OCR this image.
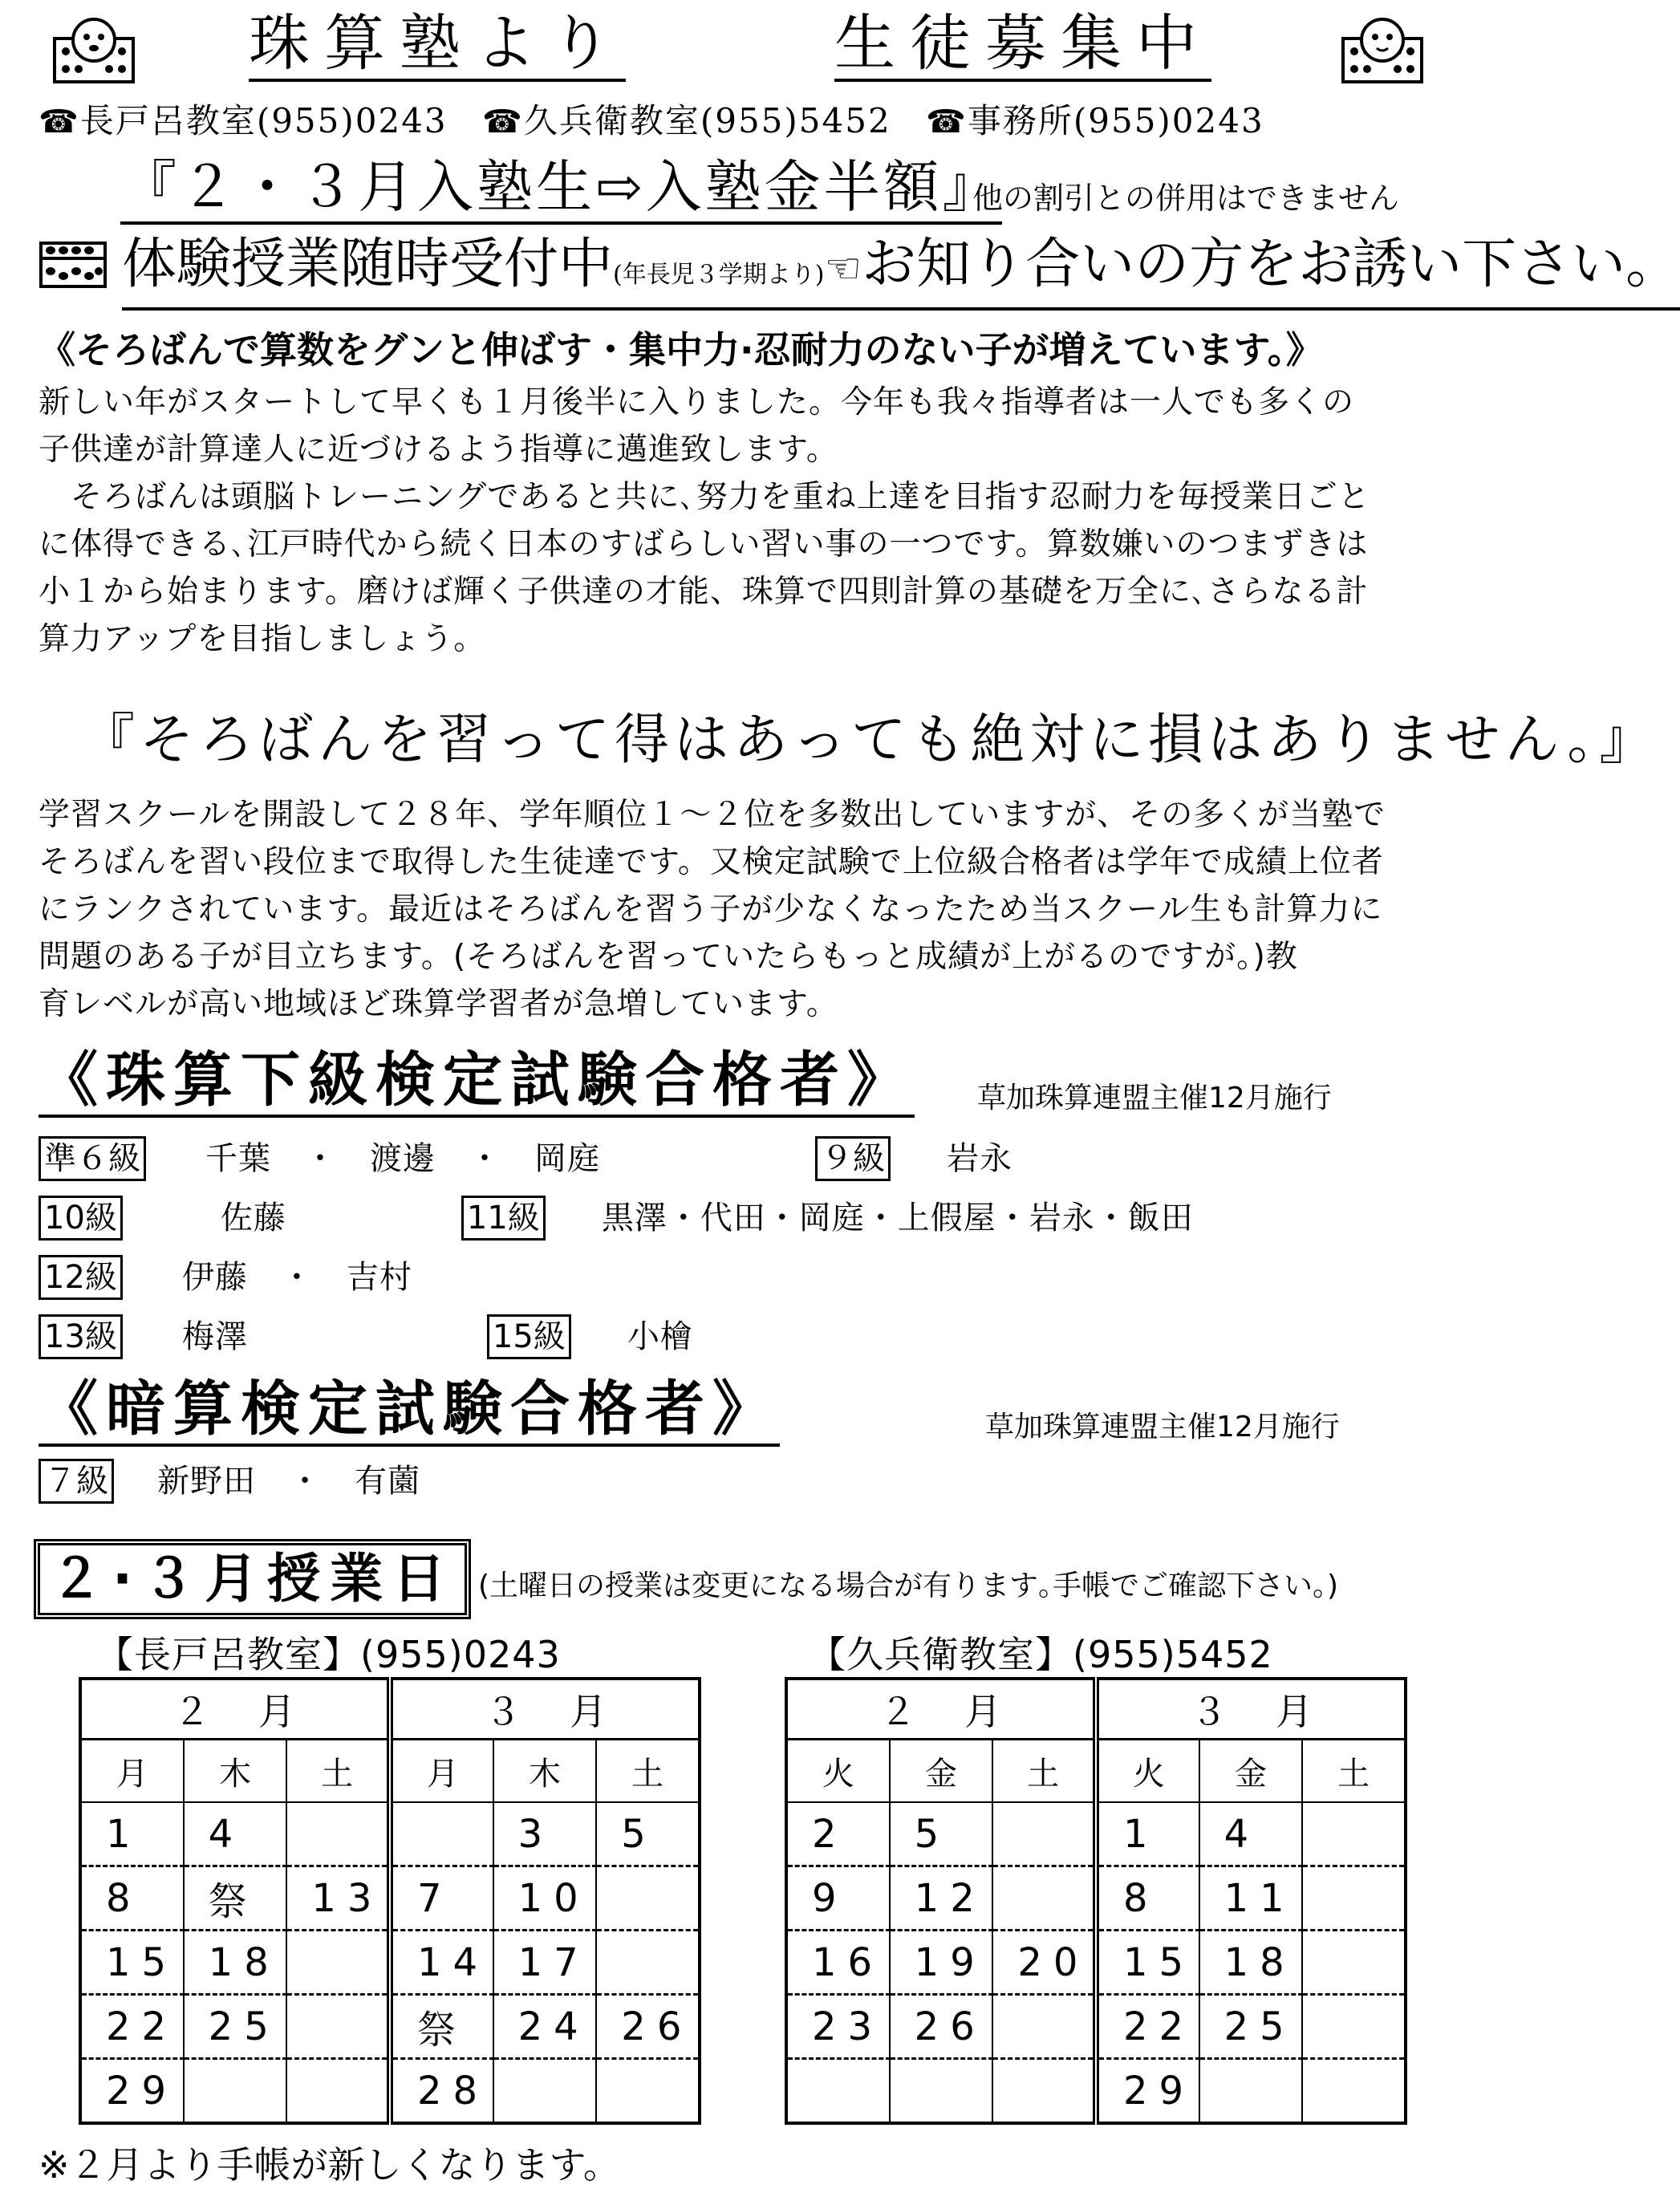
珠算塾より	生徒募集中
☎長戸呂教室(955)0243 ☎久兵衛教室(955)5452 ☎事務所(955)0243
『２・３月入塾生⇨入塾金半額』
他の割引との併用はできません
体験授業随時受付中(年長児３学期より)☜お知り合いの方をお誘い下さい。
《そろばんで算数をグンと伸ばす・集中力·忍耐力のない子が増えています。》

新しい年がスタートして早くも１月後半に入りました。今年も我々指導者は一人でも多くの

子供達が計算達人に近づけるよう指導に邁進致します。

　そろばんは頭脳トレーニングであると共に､努力を重ね上達を目指す忍耐力を毎授業日ごと

に体得できる､江戸時代から続く日本のすばらしい習い事の一つです。算数嫌いのつまずきは

小１から始まります。磨けば輝く子供達の才能、珠算で四則計算の基礎を万全に､さらなる計

算力アップを目指しましょう。

『そろばんを習って得はあっても絶対に損はありません。』

学習スクールを開設して２８年、学年順位１～２位を多数出していますが、その多くが当塾で

そろばんを習い段位まで取得した生徒達です。又検定試験で上位級合格者は学年で成績上位者

にランクされています。最近はそろばんを習う子が少なくなったため当スクール生も計算力に

問題のある子が目立ちます。(そろばんを習っていたらもっと成績が上がるのですが｡)教

育レベルが高い地域ほど珠算学習者が急増しています。

《珠算下級検定試験合格者》 草加珠算連盟主催12月施行
準６級 千葉　・　渡邊　・　岡庭	９級 岩永
10級	佐藤	11級 黒澤・代田・岡庭・上假屋・岩永・飯田
12級 伊藤　・　吉村
13級 梅澤	15級 小檜
《暗算検定試験合格者》	草加珠算連盟主催12月施行
７級 新野田　・　有薗
２·３月授業日 (土曜日の授業は変更になる場合が有ります｡手帳でご確認下さい。)
【長戸呂教室】(955)0243	【久兵衛教室】(955)5452
２月			３月		
月	木	土	月	木	土
1	4			3	5
8	祭	13	7	10	
15	18		14	17	
22	25		祭	24	26
29			28		
２月			３月		
火	金	土	火	金	土
2	5		1	4	
9	12		8	11	
16	19	20	15	18	
23	26		22	25	
			29		
※２月より手帳が新しくなります。
